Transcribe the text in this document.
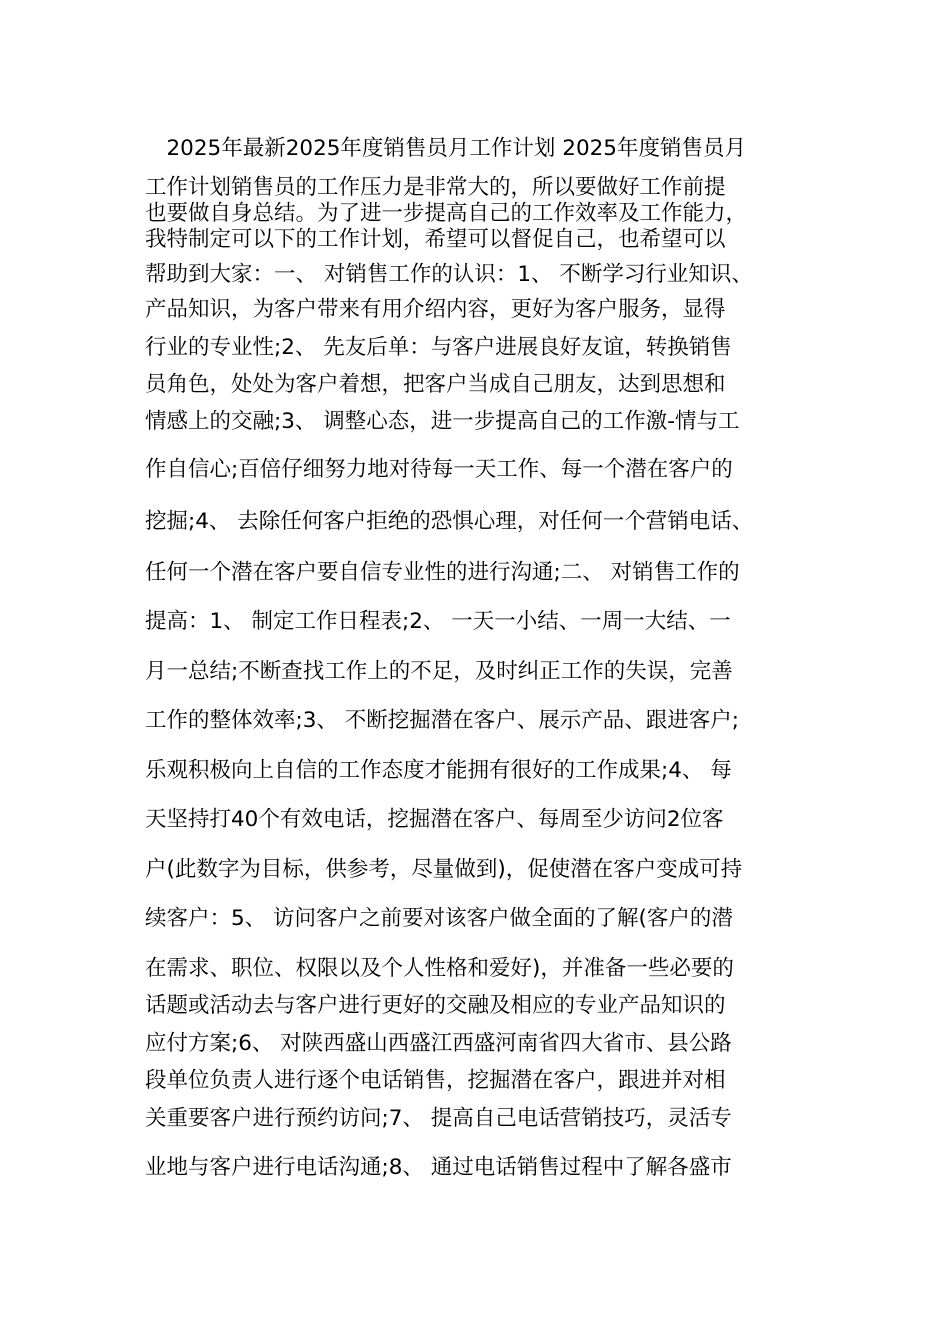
　2025年最新2025年度销售员月工作计划 2025年度销售员月

工作计划销售员的工作压力是非常大的，所以要做好工作前提

也要做自身总结。为了进一步提高自己的工作效率及工作能力，

我特制定可以下的工作计划，希望可以督促自己，也希望可以

帮助到大家：一、 对销售工作的认识：1、 不断学习行业知识、

产品知识，为客户带来有用介绍内容，更好为客户服务，显得

行业的专业性;2、 先友后单：与客户进展良好友谊，转换销售

员角色，处处为客户着想，把客户当成自己朋友，达到思想和

情感上的交融;3、 调整心态，进一步提高自己的工作激-情与工

作自信心;百倍仔细努力地对待每一天工作、每一个潜在客户的

挖掘;4、 去除任何客户拒绝的恐惧心理，对任何一个营销电话、

任何一个潜在客户要自信专业性的进行沟通;二、 对销售工作的

提高：1、 制定工作日程表;2、 一天一小结、一周一大结、一

月一总结;不断查找工作上的不足，及时纠正工作的失误，完善

工作的整体效率;3、 不断挖掘潜在客户、展示产品、跟进客户;

乐观积极向上自信的工作态度才能拥有很好的工作成果;4、 每

天坚持打40个有效电话，挖掘潜在客户、每周至少访问2位客

户(此数字为目标，供参考，尽量做到)，促使潜在客户变成可持

续客户：5、 访问客户之前要对该客户做全面的了解(客户的潜

在需求、职位、权限以及个人性格和爱好)，并准备一些必要的

话题或活动去与客户进行更好的交融及相应的专业产品知识的

应付方案;6、 对陕西盛山西盛江西盛河南省四大省市、县公路

段单位负责人进行逐个电话销售，挖掘潜在客户，跟进并对相

关重要客户进行预约访问;7、 提高自己电话营销技巧，灵活专

业地与客户进行电话沟通;8、 通过电话销售过程中了解各盛市
